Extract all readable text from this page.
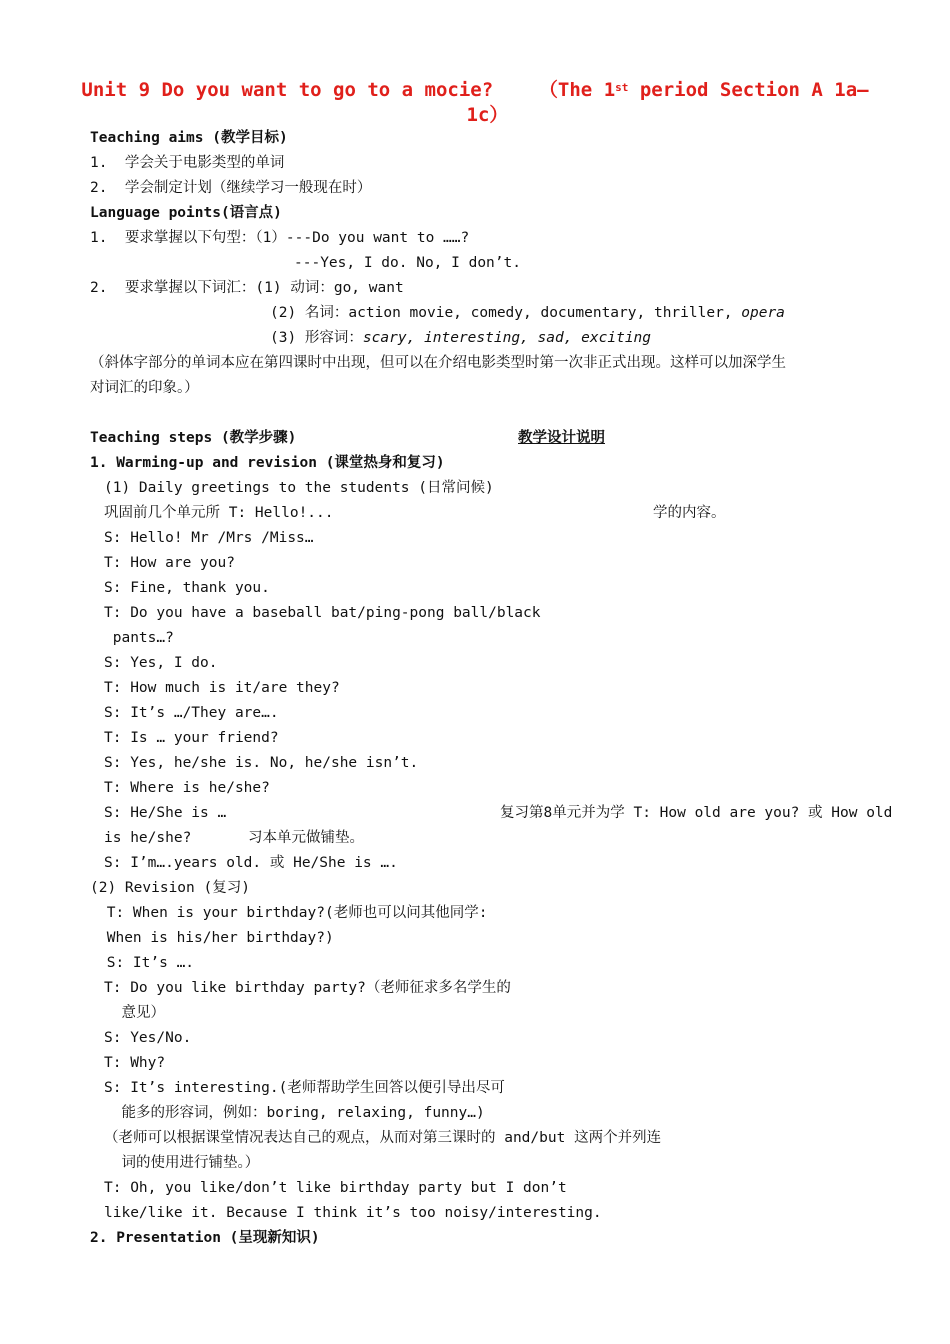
Unit 9 Do you want to go to a mocie?    （The 1st period Section A 1a—
1c）
Teaching aims (教学目标)
1.  学会关于电影类型的单词
2.  学会制定计划（继续学习一般现在时）
Language points(语言点)
1.  要求掌握以下句型：（1）---Do you want to ……?
---Yes, I do. No, I don’t.
2.  要求掌握以下词汇：(1) 动词：go, want
(2) 名词：action movie, comedy, documentary, thriller, opera
(3) 形容词：scary, interesting, sad, exciting
（斜体字部分的单词本应在第四课时中出现，但可以在介绍电影类型时第一次非正式出现。这样可以加深学生
对词汇的印象。）
Teaching steps (教学步骤)	教学设计说明
1. Warming-up and revision (课堂热身和复习)
(1) Daily greetings to the students (日常问候)
巩固前几个单元所 T: Hello!...	学的内容。
S: Hello! Mr /Mrs /Miss…
T: How are you?
S: Fine, thank you.
T: Do you have a baseball bat/ping-pong ball/black
pants…?
S: Yes, I do.
T: How much is it/are they?
S: It’s …/They are….
T: Is … your friend?
S: Yes, he/she is. No, he/she isn’t.
T: Where is he/she?
S: He/She is …	复习第8单元并为学 T: How old are you? 或 How old
is he/she?	习本单元做铺垫。
S: I’m….years old. 或 He/She is ….
(2) Revision (复习)
T: When is your birthday?(老师也可以问其他同学:
When is his/her birthday?)
S: It’s ….
T: Do you like birthday party?（老师征求多名学生的
意见）
S: Yes/No.
T: Why?
S: It’s interesting.(老师帮助学生回答以便引导出尽可
能多的形容词，例如：boring, relaxing, funny…)
（老师可以根据课堂情况表达自己的观点，从而对第三课时的 and/but 这两个并列连
词的使用进行铺垫。）
T: Oh, you like/don’t like birthday party but I don’t
like/like it. Because I think it’s too noisy/interesting.
2. Presentation (呈现新知识)
